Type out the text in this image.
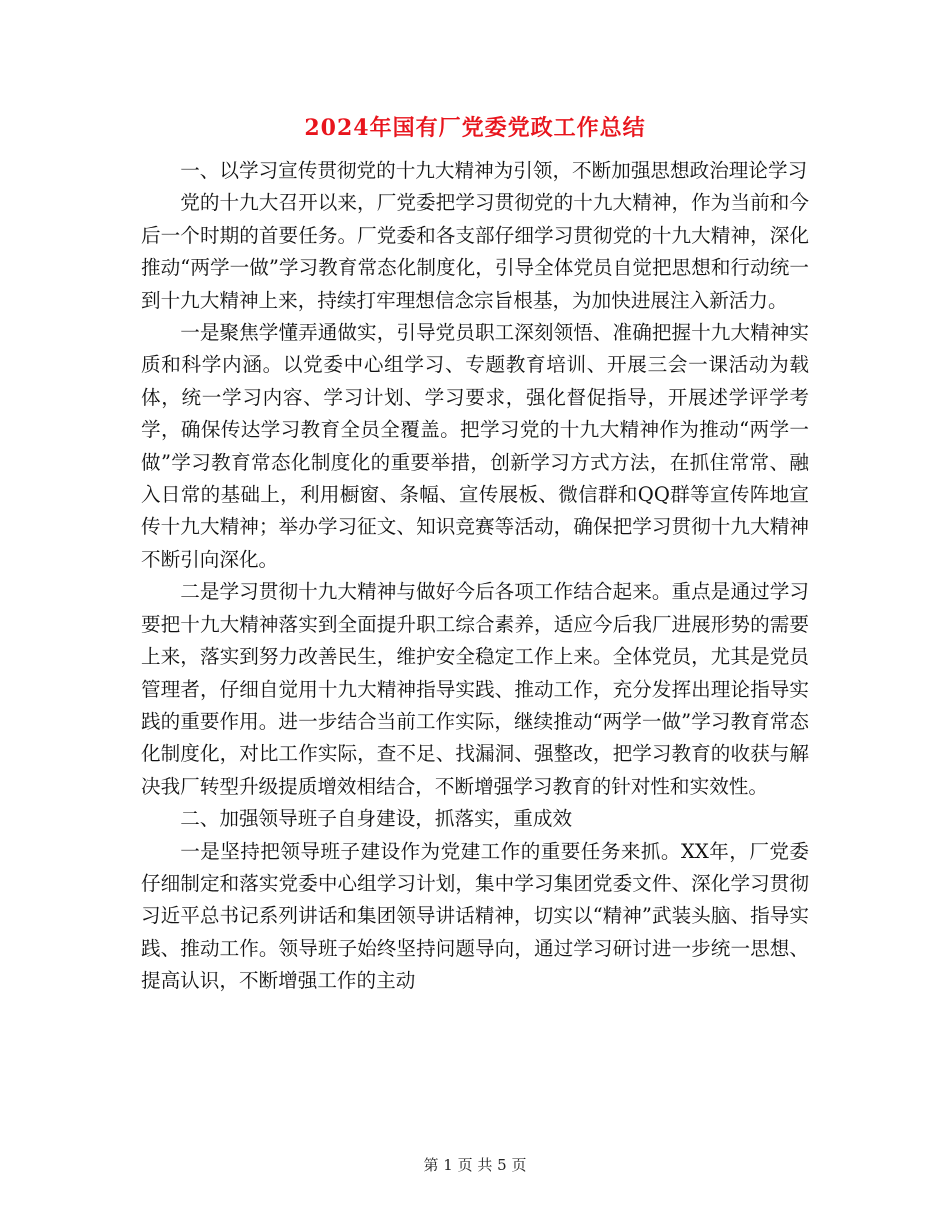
2024年国有厂党委党政工作总结

一、以学习宣传贯彻党的十九大精神为引领，不断加强思想政治理论学习

党的十九大召开以来，厂党委把学习贯彻党的十九大精神，作为当前和今后一个时期的首要任务。厂党委和各支部仔细学习贯彻党的十九大精神，深化推动“两学一做”学习教育常态化制度化，引导全体党员自觉把思想和行动统一到十九大精神上来，持续打牢理想信念宗旨根基，为加快进展注入新活力。

一是聚焦学懂弄通做实，引导党员职工深刻领悟、准确把握十九大精神实质和科学内涵。以党委中心组学习、专题教育培训、开展三会一课活动为载体，统一学习内容、学习计划、学习要求，强化督促指导，开展述学评学考学，确保传达学习教育全员全覆盖。把学习党的十九大精神作为推动“两学一做”学习教育常态化制度化的重要举措，创新学习方式方法，在抓住常常、融入日常的基础上，利用橱窗、条幅、宣传展板、微信群和QQ群等宣传阵地宣传十九大精神；举办学习征文、知识竞赛等活动，确保把学习贯彻十九大精神不断引向深化。

二是学习贯彻十九大精神与做好今后各项工作结合起来。重点是通过学习要把十九大精神落实到全面提升职工综合素养，适应今后我厂进展形势的需要上来，落实到努力改善民生，维护安全稳定工作上来。全体党员，尤其是党员管理者，仔细自觉用十九大精神指导实践、推动工作，充分发挥出理论指导实践的重要作用。进一步结合当前工作实际，继续推动“两学一做”学习教育常态化制度化，对比工作实际，查不足、找漏洞、强整改，把学习教育的收获与解决我厂转型升级提质增效相结合，不断增强学习教育的针对性和实效性。

二、加强领导班子自身建设，抓落实，重成效

一是坚持把领导班子建设作为党建工作的重要任务来抓。XX年，厂党委仔细制定和落实党委中心组学习计划，集中学习集团党委文件、深化学习贯彻习近平总书记系列讲话和集团领导讲话精神，切实以“精神”武装头脑、指导实践、推动工作。领导班子始终坚持问题导向，通过学习研讨进一步统一思想、提高认识，不断增强工作的主动

第 1 页 共 5 页
